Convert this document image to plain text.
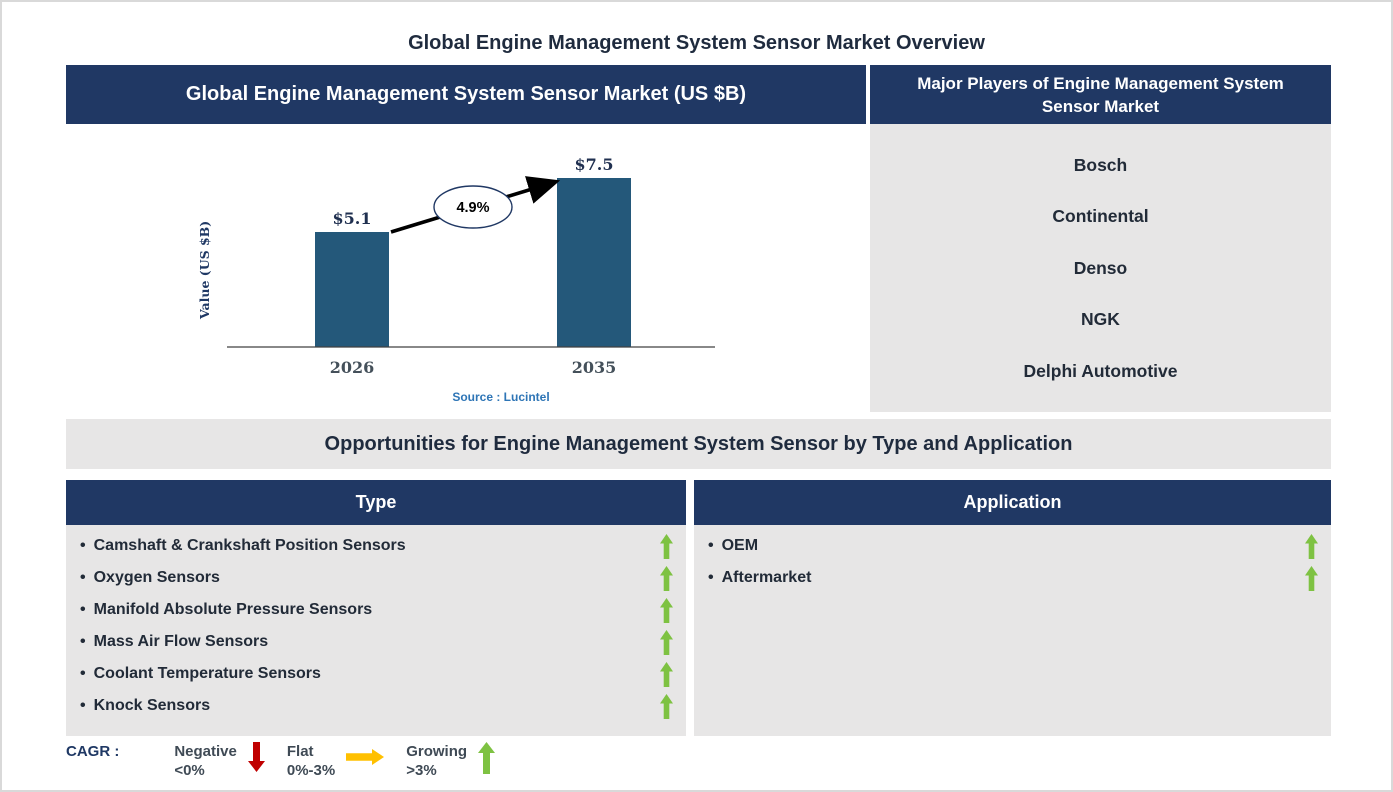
Global Engine Management System Sensor Market Overview
Global Engine Management System Sensor Market (US $B)
Value (US $B)
$5.1
2026
$7.5
2035
4.9%
Source : Lucintel
Major Players of Engine Management System Sensor Market
Bosch
Continental
Denso
NGK
Delphi Automotive
Opportunities for Engine Management System Sensor by Type and Application
Type
• Camshaft & Crankshaft Position Sensors
• Oxygen Sensors
• Manifold Absolute Pressure Sensors
• Mass Air Flow Sensors
• Coolant Temperature Sensors
• Knock Sensors
Application
• OEM
• Aftermarket
CAGR :	Negative
<0%
Flat
0%-3%
Growing
>3%
